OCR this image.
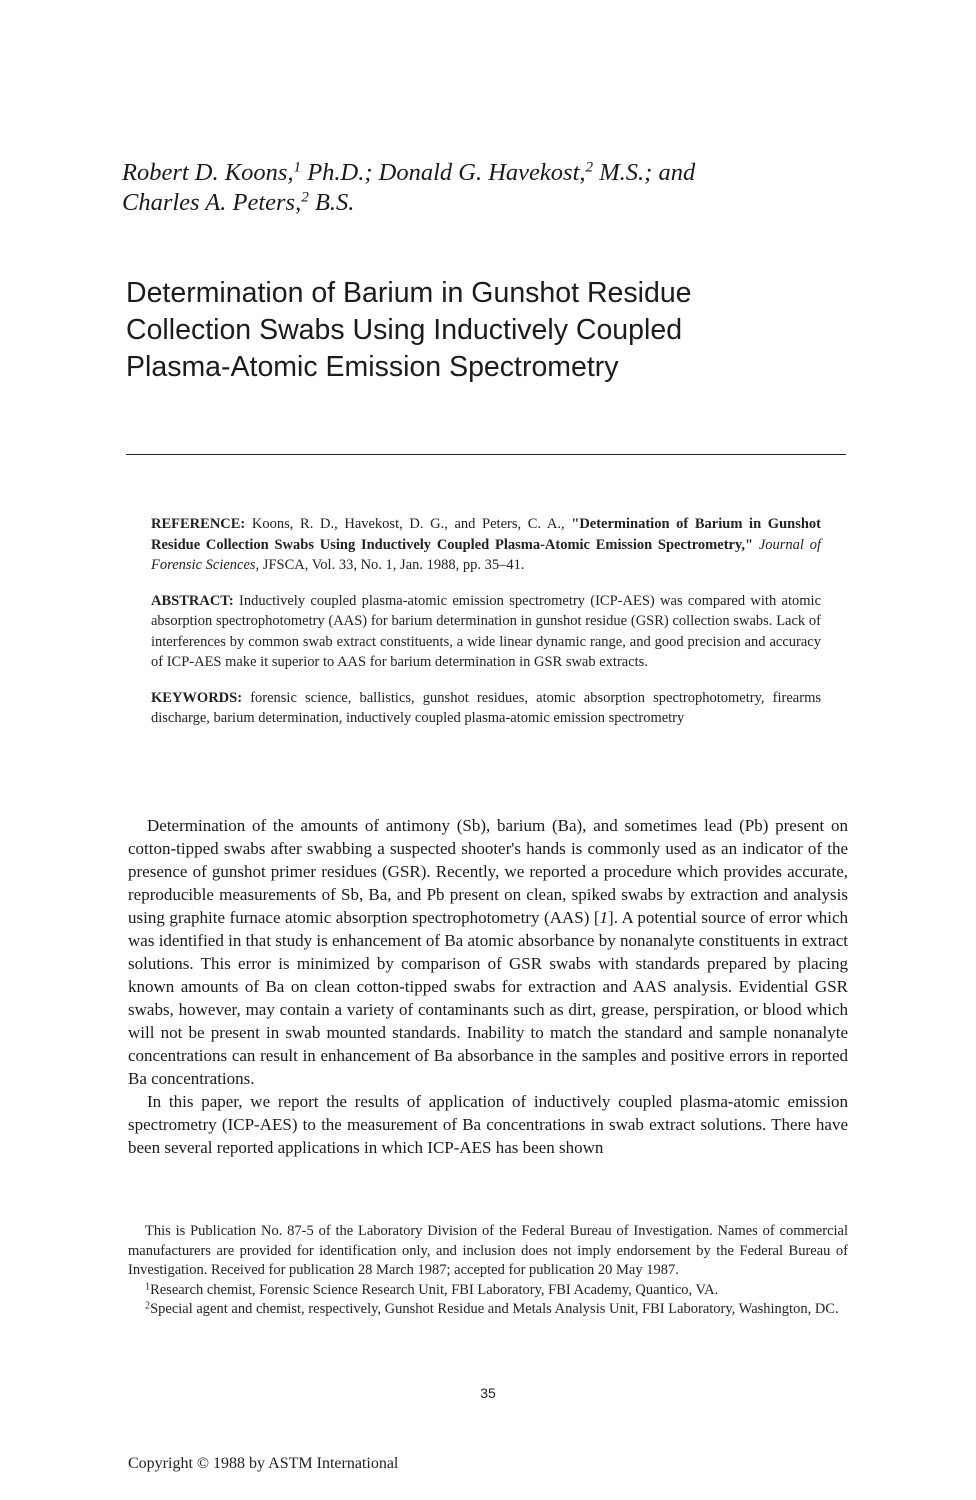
Robert D. Koons,$^1$ Ph.D.; Donald G. Havekost,$^2$ M.S.; and
Charles A. Peters,$^2$ B.S.
Determination of Barium in Gunshot Residue
Collection Swabs Using Inductively Coupled
Plasma-Atomic Emission Spectrometry

REFERENCE: Koons, R. D., Havekost, D. G., and Peters, C. A., "Determination of Barium in Gunshot Residue Collection Swabs Using Inductively Coupled Plasma-Atomic Emission Spectrometry," Journal of Forensic Sciences, JFSCA, Vol. 33, No. 1, Jan. 1988, pp. 35–41.

ABSTRACT: Inductively coupled plasma-atomic emission spectrometry (ICP-AES) was compared with atomic absorption spectrophotometry (AAS) for barium determination in gunshot residue (GSR) collection swabs. Lack of interferences by common swab extract constituents, a wide linear dynamic range, and good precision and accuracy of ICP-AES make it superior to AAS for barium determination in GSR swab extracts.

KEYWORDS: forensic science, ballistics, gunshot residues, atomic absorption spectrophotometry, firearms discharge, barium determination, inductively coupled plasma-atomic emission spectrometry

Determination of the amounts of antimony (Sb), barium (Ba), and sometimes lead (Pb) present on cotton-tipped swabs after swabbing a suspected shooter's hands is commonly used as an indicator of the presence of gunshot primer residues (GSR). Recently, we reported a procedure which provides accurate, reproducible measurements of Sb, Ba, and Pb present on clean, spiked swabs by extraction and analysis using graphite furnace atomic absorption spectrophotometry (AAS) [1]. A potential source of error which was identified in that study is enhancement of Ba atomic absorbance by nonanalyte constituents in extract solutions. This error is minimized by comparison of GSR swabs with standards prepared by placing known amounts of Ba on clean cotton-tipped swabs for extraction and AAS analysis. Evidential GSR swabs, however, may contain a variety of contaminants such as dirt, grease, perspiration, or blood which will not be present in swab mounted standards. Inability to match the standard and sample nonanalyte concentrations can result in enhancement of Ba absorbance in the samples and positive errors in reported Ba concentrations.

In this paper, we report the results of application of inductively coupled plasma-atomic emission spectrometry (ICP-AES) to the measurement of Ba concentrations in swab extract solutions. There have been several reported applications in which ICP-AES has been shown

This is Publication No. 87-5 of the Laboratory Division of the Federal Bureau of Investigation. Names of commercial manufacturers are provided for identification only, and inclusion does not imply endorsement by the Federal Bureau of Investigation. Received for publication 28 March 1987; accepted for publication 20 May 1987.

$^1$Research chemist, Forensic Science Research Unit, FBI Laboratory, FBI Academy, Quantico, VA.

$^2$Special agent and chemist, respectively, Gunshot Residue and Metals Analysis Unit, FBI Laboratory, Washington, DC.

35
Copyright © 1988 by ASTM International
